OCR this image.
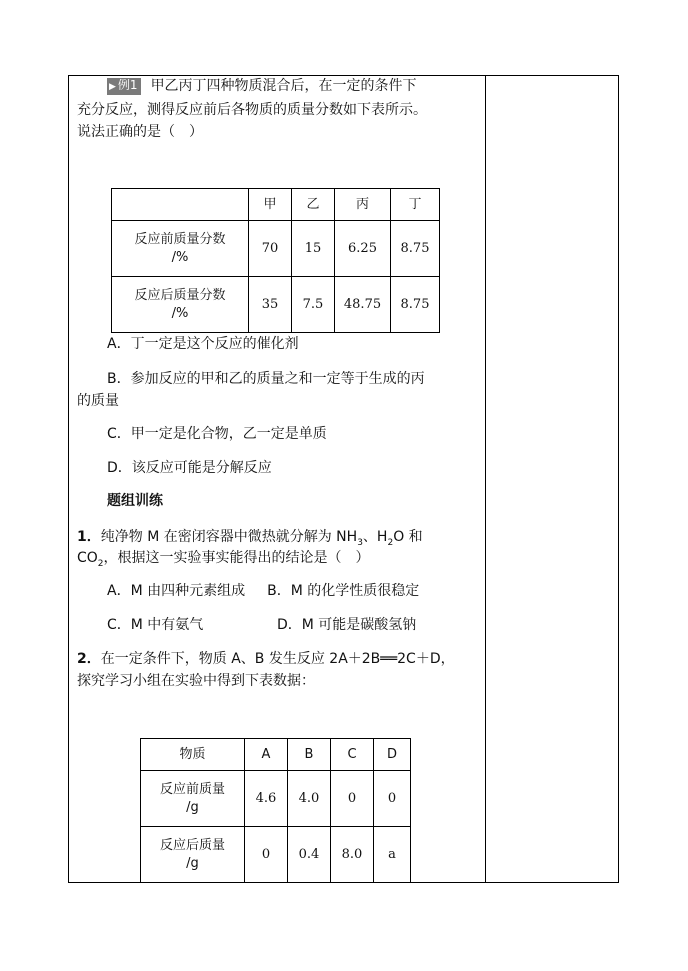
▶ 例1 甲乙丙丁四种物质混合后，在一定的条件下
充分反应，测得反应前后各物质的质量分数如下表所示。
说法正确的是（　）
	甲	乙	丙	丁
反应前质量分数
/%	70	15	6.25	8.75
反应后质量分数
/%	35	7.5	48.75	8.75
A．丁一定是这个反应的催化剂
B．参加反应的甲和乙的质量之和一定等于生成的丙
的质量
C．甲一定是化合物，乙一定是单质
D．该反应可能是分解反应
题组训练
1．纯净物 M 在密闭容器中微热就分解为 $NH_3$、$H_2O$ 和
$CO_2$，根据这一实验事实能得出的结论是（　）
A．M 由四种元素组成 B．M 的化学性质很稳定
C．M 中有氨气	D．M 可能是碳酸氢钠
2．在一定条件下，物质 A、B 发生反应 2A＋2B══2C＋D，
探究学习小组在实验中得到下表数据：
物质	A	B	C	D
反应前质量
/g	4.6	4.0	0	0
反应后质量
/g	0	0.4	8.0	a
